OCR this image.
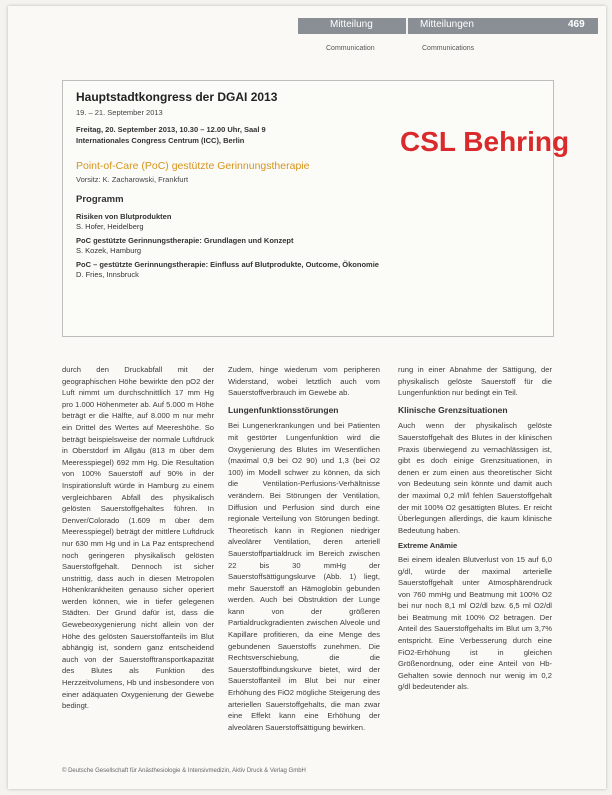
Mitteilung	Mitteilungen	469
Communication	Communications
Hauptstadtkongress der DGAI 2013
19. – 21. September 2013
Freitag, 20. September 2013, 10.30 – 12.00 Uhr, Saal 9
Internationales Congress Centrum (ICC), Berlin	CSL Behring
Point-of-Care (PoC) gestützte Gerinnungstherapie
Vorsitz: K. Zacharowski, Frankfurt
Programm
Risiken von Blutprodukten
S. Hofer, Heidelberg
PoC gestützte Gerinnungstherapie: Grundlagen und Konzept
S. Kozek, Hamburg
PoC – gestützte Gerinnungstherapie: Einfluss auf Blutprodukte, Outcome, Ökonomie
D. Fries, Innsbruck

durch den Druckabfall mit der geographischen Höhe bewirkte den pO2 der Luft nimmt um durchschnittlich 17 mm Hg pro 1.000 Höhenmeter ab. Auf 5.000 m Höhe beträgt er die Hälfte, auf 8.000 m nur mehr ein Drittel des Wertes auf Meereshöhe. So beträgt beispielsweise der normale Luftdruck in Oberstdorf im Allgäu (813 m über dem Meeresspiegel) 692 mm Hg. Die Resultation von 100% Sauerstoff auf 90% in der Inspirationsluft würde in Hamburg zu einem vergleichbaren Abfall des physikalisch gelösten Sauerstoffgehaltes führen. In Denver/Colorado (1.609 m über dem Meeresspiegel) beträgt der mittlere Luftdruck nur 630 mm Hg und in La Paz entsprechend noch geringeren physikalisch gelösten Sauerstoffgehalt. Dennoch ist sicher unstrittig, dass auch in diesen Metropolen Höhenkrankheiten genauso sicher operiert werden können, wie in tiefer gelegenen Städten. Der Grund dafür ist, dass die Gewebeoxygenierung nicht allein von der Höhe des gelösten Sauerstoffanteils im Blut abhängig ist, sondern ganz entscheidend auch von der Sauerstofftransportkapazität des Blutes als Funktion des Herzzeitvolumens, Hb und insbesondere von einer adäquaten Oxygenierung der Gewebe bedingt.

Zudem, hinge wiederum vom peripheren Widerstand, wobei letztlich auch vom Sauerstoffverbrauch im Gewebe ab.

Lungenfunktionsstörungen

Bei Lungenerkrankungen und bei Patienten mit gestörter Lungenfunktion wird die Oxygenierung des Blutes im Wesentlichen (maximal 0,9 bei O2 90) und 1,3 (bei O2 100) im Modell schwer zu können, da sich die Ventilation-Perfusions-Verhältnisse verändern. Bei Störungen der Ventilation, Diffusion und Perfusion sind durch eine regionale Verteilung von Störungen bedingt. Theoretisch kann in Regionen niedriger alveolärer Ventilation, deren arteriell Sauerstoffpartialdruck im Bereich zwischen 22 bis 30 mmHg der Sauerstoffsättigungskurve (Abb. 1) liegt, mehr Sauerstoff an Hämoglobin gebunden werden. Auch bei Obstruktion der Lunge kann von der größeren Partialdruckgradienten zwischen Alveole und Kapillare profitieren, da eine Menge des gebundenen Sauerstoffs zunehmen. Die Rechtsverschiebung, die die Sauerstoffbindungskurve bietet, wird der Sauerstoffanteil im Blut bei nur einer Erhöhung des FiO2 mögliche Steigerung des arteriellen Sauerstoffgehalts, die man zwar eine Effekt kann eine Erhöhung der alveolären Sauerstoffsättigung bewirken.

rung in einer Abnahme der Sättigung, der physikalisch gelöste Sauerstoff für die Lungenfunktion nur bedingt ein Teil.

Klinische Grenzsituationen

Auch wenn der physikalisch gelöste Sauerstoffgehalt des Blutes in der klinischen Praxis überwiegend zu vernachlässigen ist, gibt es doch einige Grenzsituationen, in denen er zum einen aus theoretischer Sicht von Bedeutung sein könnte und damit auch der maximal 0,2 ml/l fehlen Sauerstoffgehalt der mit 100% O2 gesättigten Blutes. Er reicht Überlegungen allerdings, die kaum klinische Bedeutung haben.

Extreme Anämie

Bei einem idealen Blutverlust von 15 auf 6,0 g/dl, würde der maximal arterielle Sauerstoffgehalt unter Atmosphärendruck von 760 mmHg und Beatmung mit 100% O2 bei nur noch 8,1 ml O2/dl bzw. 6,5 ml O2/dl bei Beatmung mit 100% O2 betragen. Der Anteil des Sauerstoffgehalts im Blut um 3,7% entspricht. Eine Verbesserung durch eine FiO2-Erhöhung ist in gleichen Größenordnung, oder eine Anteil von Hb-Gehalten sowie dennoch nur wenig im 0,2 g/dl bedeutender als.

© Deutsche Gesellschaft für Anästhesiologie & Intensivmedizin, Aktiv Druck & Verlag GmbH
